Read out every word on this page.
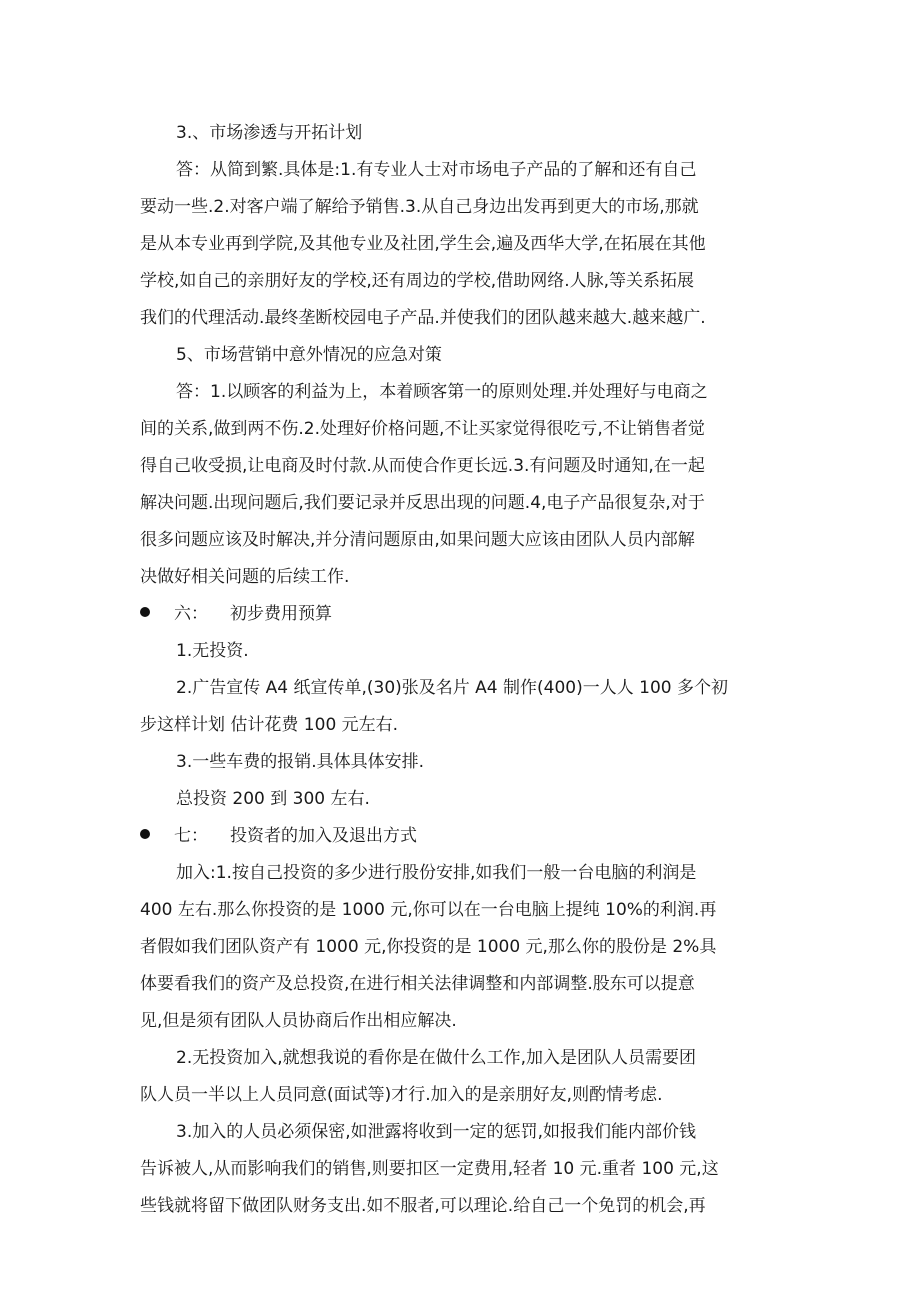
3.、市场渗透与开拓计划
答：从简到繁.具体是:1.有专业人士对市场电子产品的了解和还有自己
要动一些.2.对客户端了解给予销售.3.从自己身边出发再到更大的市场,那就
是从本专业再到学院,及其他专业及社团,学生会,遍及西华大学,在拓展在其他
学校,如自己的亲朋好友的学校,还有周边的学校,借助网络.人脉,等关系拓展
我们的代理活动.最终垄断校园电子产品.并使我们的团队越来越大.越来越广.
5、市场营销中意外情况的应急对策
答：1.以顾客的利益为上，本着顾客第一的原则处理.并处理好与电商之
间的关系,做到两不伤.2.处理好价格问题,不让买家觉得很吃亏,不让销售者觉
得自己收受损,让电商及时付款.从而使合作更长远.3.有问题及时通知,在一起
解决问题.出现问题后,我们要记录并反思出现的问题.4,电子产品很复杂,对于
很多问题应该及时解决,并分清问题原由,如果问题大应该由团队人员内部解
决做好相关问题的后续工作.
六： 初步费用预算
1.无投资.
2.广告宣传 A4 纸宣传单,(30)张及名片 A4 制作(400)一人人 100 多个初
步这样计划 估计花费 100 元左右.
3.一些车费的报销.具体具体安排.
总投资 200 到 300 左右.
七： 投资者的加入及退出方式
加入:1.按自己投资的多少进行股份安排,如我们一般一台电脑的利润是
400 左右.那么你投资的是 1000 元,你可以在一台电脑上提纯 10%的利润.再
者假如我们团队资产有 1000 元,你投资的是 1000 元,那么你的股份是 2%具
体要看我们的资产及总投资,在进行相关法律调整和内部调整.股东可以提意
见,但是须有团队人员协商后作出相应解决.
2.无投资加入,就想我说的看你是在做什么工作,加入是团队人员需要团
队人员一半以上人员同意(面试等)才行.加入的是亲朋好友,则酌情考虑.
3.加入的人员必须保密,如泄露将收到一定的惩罚,如报我们能内部价钱
告诉被人,从而影响我们的销售,则要扣区一定费用,轻者 10 元.重者 100 元,这
些钱就将留下做团队财务支出.如不服者,可以理论.给自己一个免罚的机会,再
